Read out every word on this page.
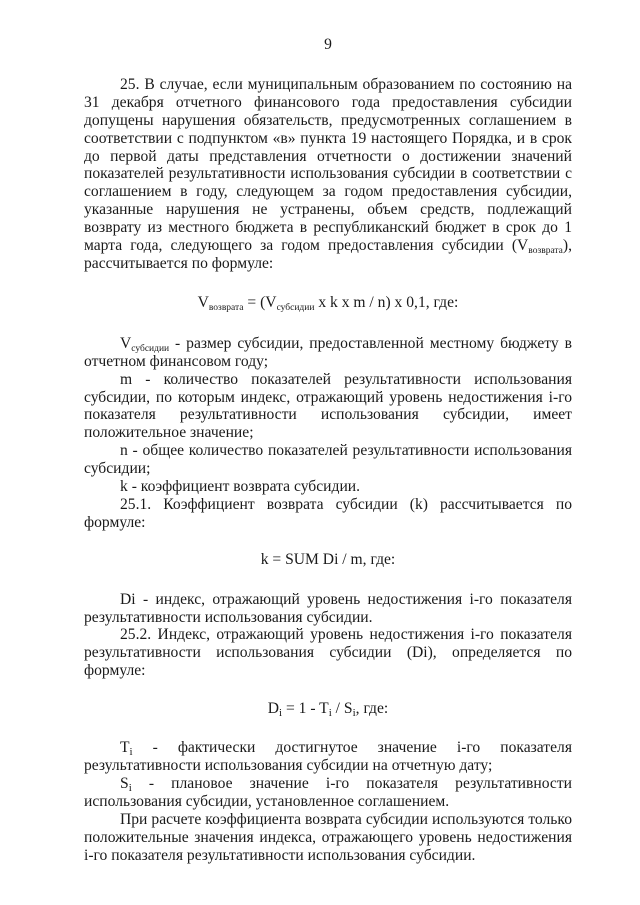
9

25. В случае, если муниципальным образованием по состоянию на 31 декабря отчетного финансового года предоставления субсидии допущены нарушения обязательств, предусмотренных соглашением в соответствии с подпунктом «в» пункта 19 настоящего Порядка, и в срок до первой даты представления отчетности о достижении значений показателей результативности использования субсидии в соответствии с соглашением в году, следующем за годом предоставления субсидии, указанные нарушения не устранены, объем средств, подлежащий возврату из местного бюджета в республиканский бюджет в срок до 1 марта года, следующего за годом предоставления субсидии $(V_{возврата})$, рассчитывается по формуле:

$V_{возврата} = (V_{субсидии}$ x k x m / n) x 0,1, где:

$V_{субсидии}$ - размер субсидии, предоставленной местному бюджету в отчетном финансовом году;

m - количество показателей результативности использования субсидии, по которым индекс, отражающий уровень недостижения i-го показателя результативности использования субсидии, имеет положительное значение;

n - общее количество показателей результативности использования субсидии;

k - коэффициент возврата субсидии.

25.1. Коэффициент возврата субсидии (k) рассчитывается по формуле:

k = SUM Di / m, где:

Di - индекс, отражающий уровень недостижения i-го показателя результативности использования субсидии.

25.2. Индекс, отражающий уровень недостижения i-го показателя результативности использования субсидии (Di), определяется по формуле:

Di = 1 - Ti / Si, где:

Ti - фактически достигнутое значение i-го показателя результативности использования субсидии на отчетную дату;

Si - плановое значение i-го показателя результативности использования субсидии, установленное соглашением.

При расчете коэффициента возврата субсидии используются только положительные значения индекса, отражающего уровень недостижения i-го показателя результативности использования субсидии.
